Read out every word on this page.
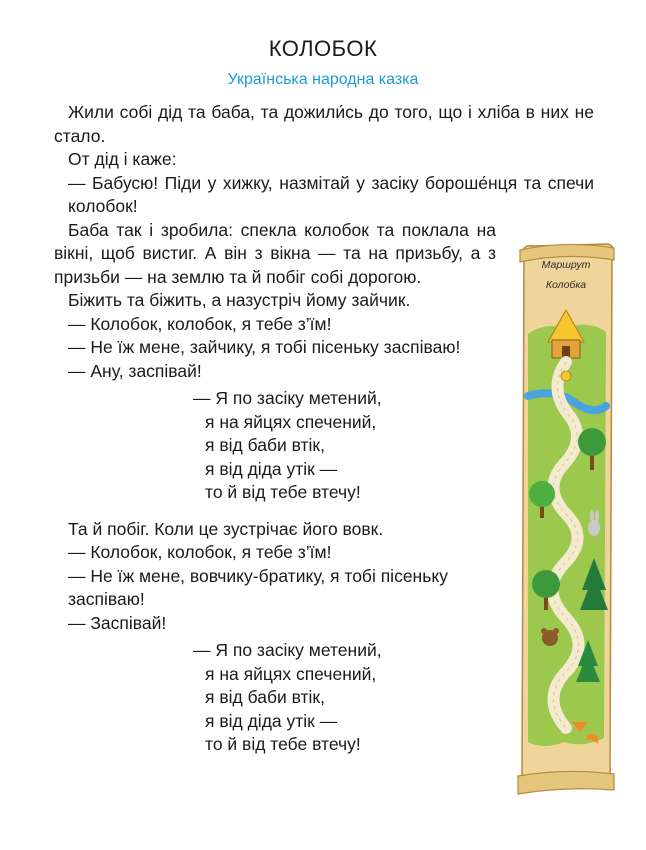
КОЛОБОК
Українська народна казка

Жили собі дід та баба, та дожили́сь до того, що і хліба в них не стало.

От дід і каже:

— Бабусю! Піди у хижку, назмітай у засіку бороше́нця та спечи колобок!

Баба так і зробила: спекла колобок та поклала на вікні, щоб вистиг. А він з вікна — та на призьбу, а з призьби — на землю та й побіг собі дорогою.

Біжить та біжить, а назустріч йому зайчик.

— Колобок, колобок, я тебе з’їм!

— Не їж мене, зайчику, я тобі пісеньку заспіваю!

— Ану, заспівай!

— Я по засіку метений,
я на яйцях спечений,
я від баби втік,
я від діда утік —
то й від тебе втечу!

Та й побіг. Коли це зустрічає його вовк.

— Колобок, колобок, я тебе з’їм!

— Не їж мене, вовчику-братику, я тобі пісеньку заспіваю!

— Заспівай!

— Я по засіку метений,
я на яйцях спечений,
я від баби втік,
я від діда утік —
то й від тебе втечу!
Маршрут
Колобка
